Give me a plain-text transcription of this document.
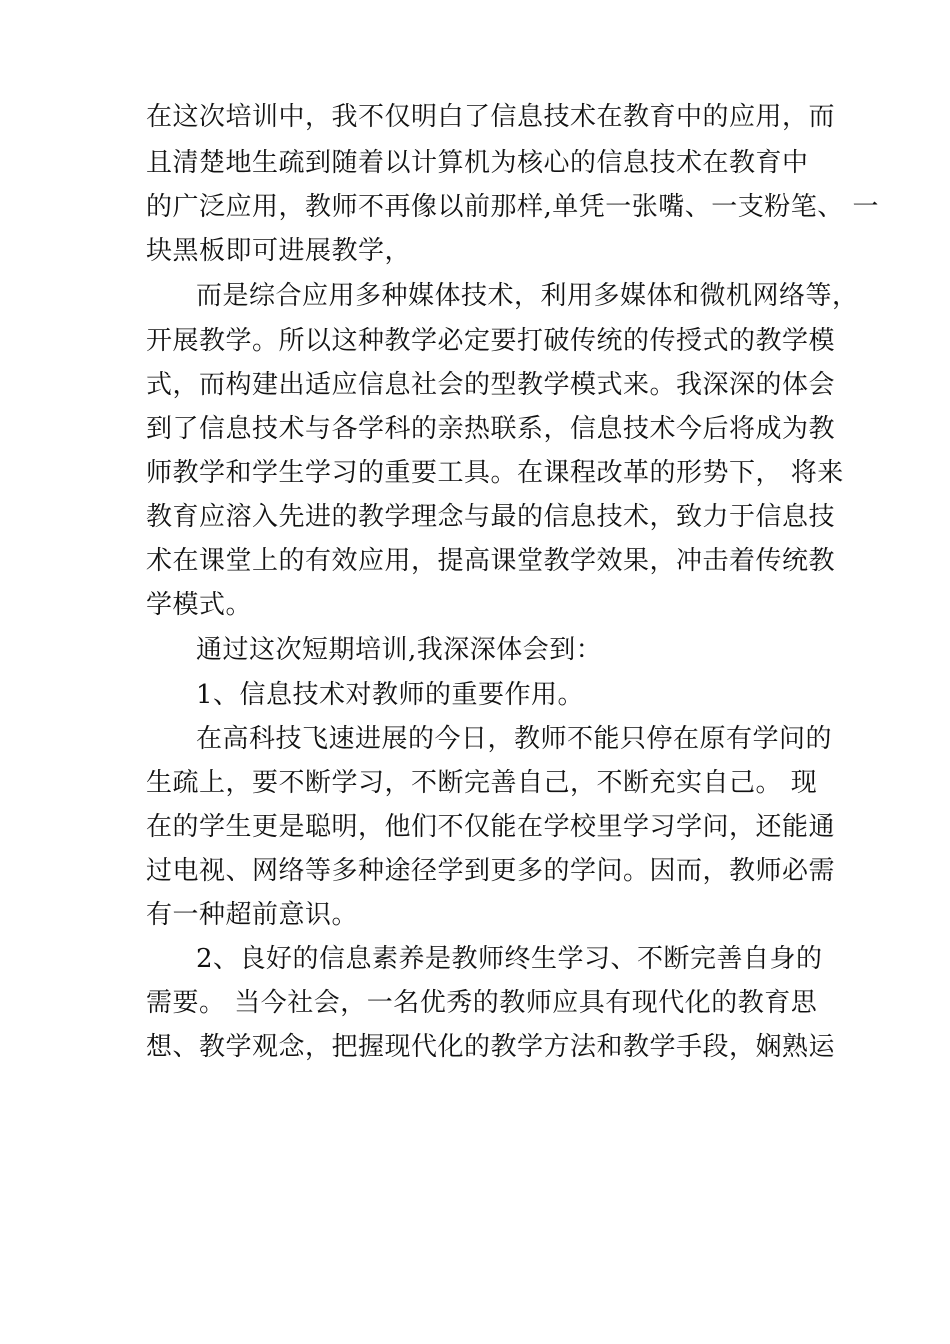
在这次培训中，我不仅明白了信息技术在教育中的应用，而

且清楚地生疏到随着以计算机为核心的信息技术在教育中

的广泛应用，教师不再像以前那样,单凭一张嘴、一支粉笔、 一

块黑板即可进展教学，

而是综合应用多种媒体技术，利用多媒体和微机网络等，

开展教学。所以这种教学必定要打破传统的传授式的教学模

式，而构建出适应信息社会的型教学模式来。我深深的体会

到了信息技术与各学科的亲热联系，信息技术今后将成为教

师教学和学生学习的重要工具。在课程改革的形势下， 将来

教育应溶入先进的教学理念与最的信息技术，致力于信息技

术在课堂上的有效应用，提高课堂教学效果，冲击着传统教

学模式。

通过这次短期培训,我深深体会到：

1、信息技术对教师的重要作用。

在高科技飞速进展的今日，教师不能只停在原有学问的

生疏上，要不断学习，不断完善自己，不断充实自己。 现

在的学生更是聪明，他们不仅能在学校里学习学问，还能通

过电视、网络等多种途径学到更多的学问。因而，教师必需

有一种超前意识。

2、良好的信息素养是教师终生学习、不断完善自身的

需要。 当今社会，一名优秀的教师应具有现代化的教育思

想、教学观念，把握现代化的教学方法和教学手段，娴熟运
